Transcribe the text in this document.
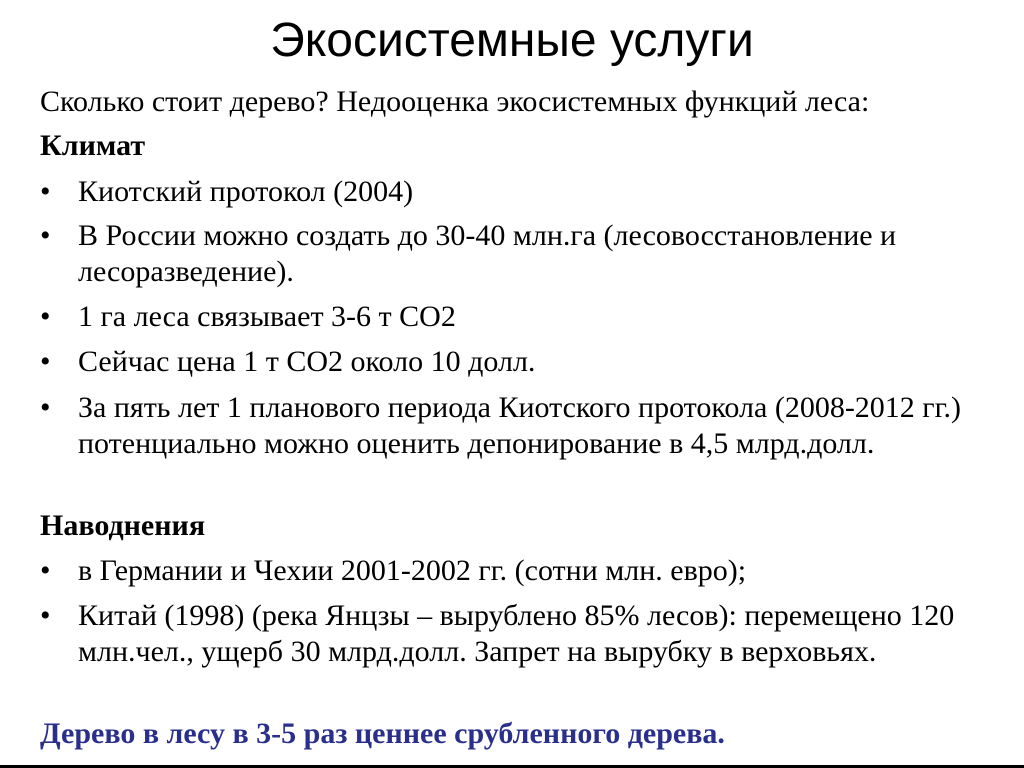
Экосистемные услуги
Сколько стоит дерево? Недооценка экосистемных функций леса:
Климат
• Киотский протокол (2004)
• В России можно создать до 30-40 млн.га (лесовосстановление и лесоразведение).
• 1 га леса связывает 3-6 т СО2
• Сейчас цена 1 т СО2 около 10 долл.
• За пять лет 1 планового периода Киотского протокола (2008-2012 гг.) потенциально можно оценить депонирование в 4,5 млрд.долл.
Наводнения
• в Германии и Чехии 2001-2002 гг. (сотни млн. евро);
• Китай (1998) (река Янцзы – вырублено 85% лесов): перемещено 120 млн.чел., ущерб 30 млрд.долл. Запрет на вырубку в верховьях.
Дерево в лесу в 3-5 раз ценнее срубленного дерева.
